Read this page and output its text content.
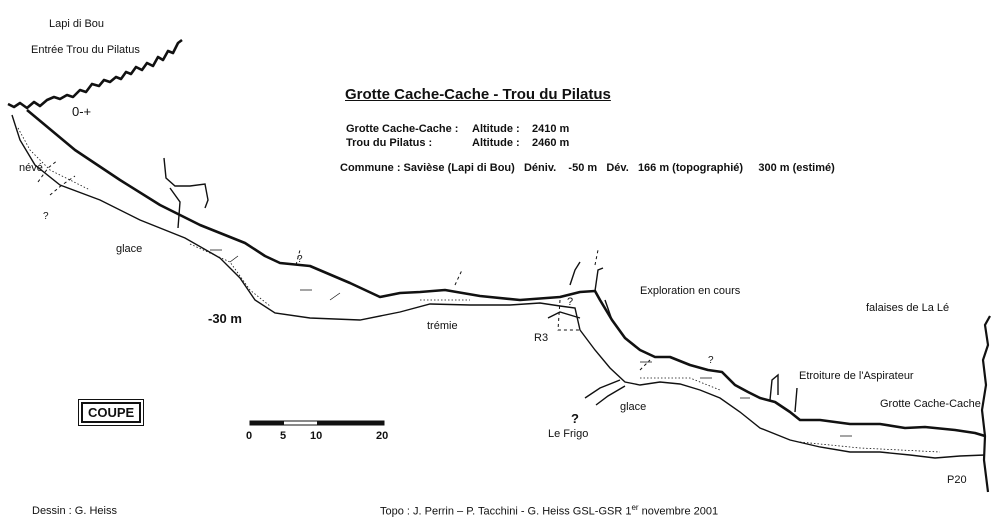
?
?
?
?
Grotte Cache-Cache - Trou du Pilatus
Grotte Cache-Cache : Altitude : 2410 m
Trou du Pilatus :	Altitude : 2460 m
Commune : Savièse (Lapi di Bou) Déniv. -50 m Dév. 166 m (topographié) 300 m (estimé)
Lapi di Bou
Entrée Trou du Pilatus
0-+
névé
glace
-30 m	trémie
R3
Exploration en cours
glace
Le Frigo
Etroiture de l'Aspirateur
falaises de La Lé
Grotte Cache-Cache
P20
?
COUPE
0	5 10	20
Dessin : G. Heiss	Topo : J. Perrin – P. Tacchini - G. Heiss GSL-GSR 1er novembre 2001
